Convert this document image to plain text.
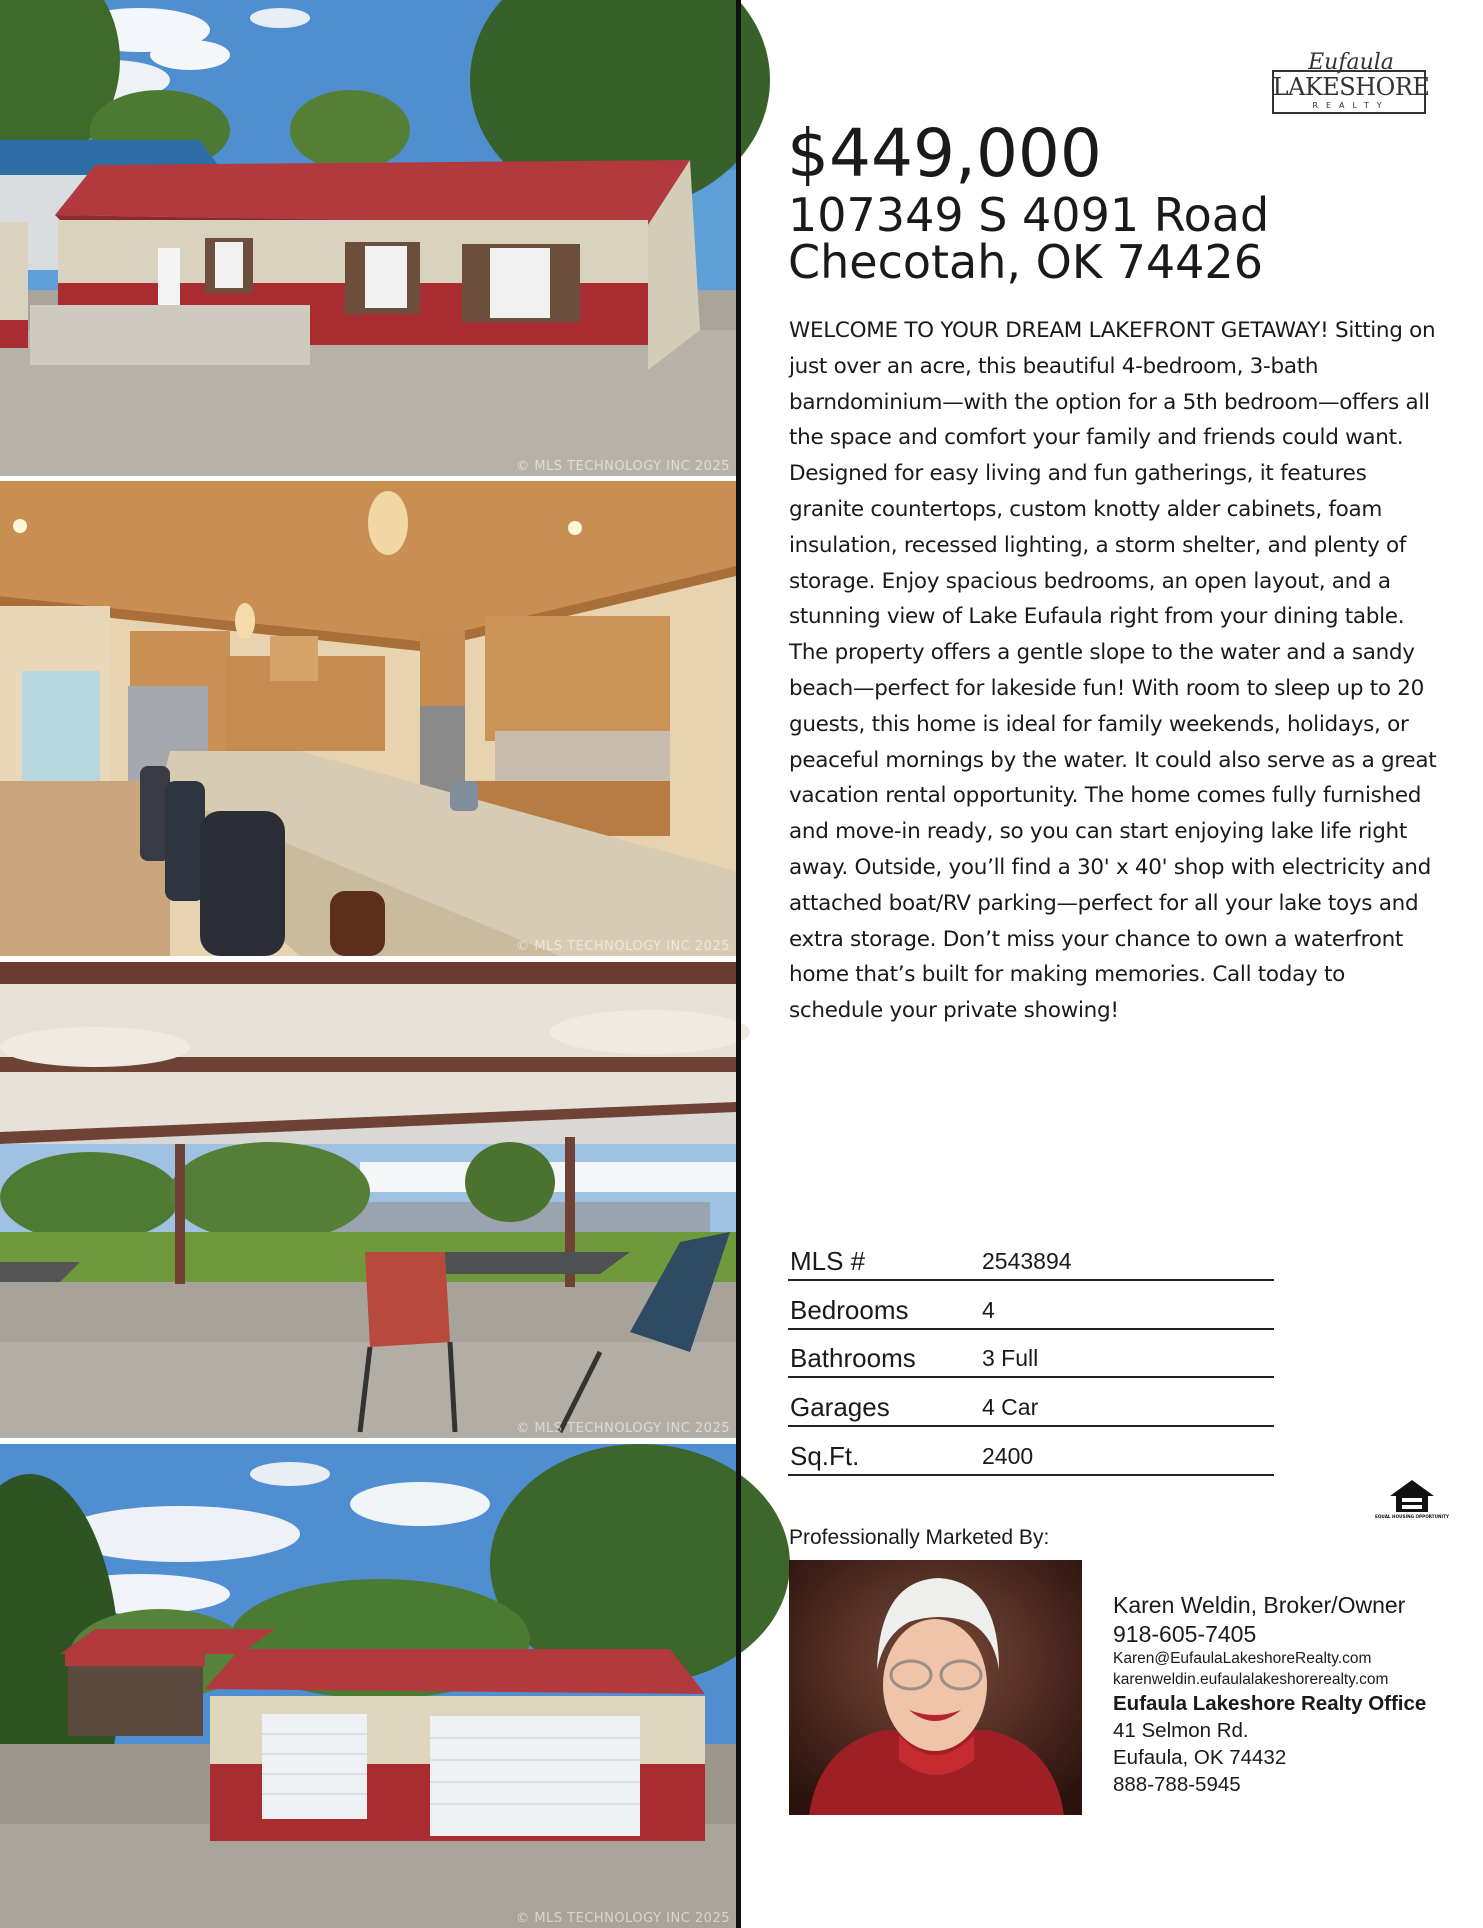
© MLS TECHNOLOGY INC 2025
© MLS TECHNOLOGY INC 2025
© MLS TECHNOLOGY INC 2025
© MLS TECHNOLOGY INC 2025
Eufaula
LAKESHORE
REALTY
$449,000
107349 S 4091 Road
Checotah, OK 74426

WELCOME TO YOUR DREAM LAKEFRONT GETAWAY! Sitting on just over an acre, this beautiful 4-bedroom, 3-bath barndominium—with the option for a 5th bedroom—offers all the space and comfort your family and friends could want. Designed for easy living and fun gatherings, it features granite countertops, custom knotty alder cabinets, foam insulation, recessed lighting, a storm shelter, and plenty of storage. Enjoy spacious bedrooms, an open layout, and a stunning view of Lake Eufaula right from your dining table. The property offers a gentle slope to the water and a sandy beach—perfect for lakeside fun! With room to sleep up to 20 guests, this home is ideal for family weekends, holidays, or peaceful mornings by the water. It could also serve as a great vacation rental opportunity. The home comes fully furnished and move-in ready, so you can start enjoying lake life right away. Outside, you’ll find a 30' x 40' shop with electricity and attached boat/RV parking—perfect for all your lake toys and extra storage. Don’t miss your chance to own a waterfront home that’s built for making memories. Call today to schedule your private showing!

MLS #	2543894
Bedrooms	4
Bathrooms	3 Full
Garages	4 Car
Sq.Ft.	2400
EQUAL HOUSING OPPORTUNITY
Professionally Marketed By:
Karen Weldin, Broker/Owner
918-605-7405
Karen@EufaulaLakeshoreRealty.com
karenweldin.eufaulalakeshorerealty.com
Eufaula Lakeshore Realty Office
41 Selmon Rd.
Eufaula, OK 74432
888-788-5945
